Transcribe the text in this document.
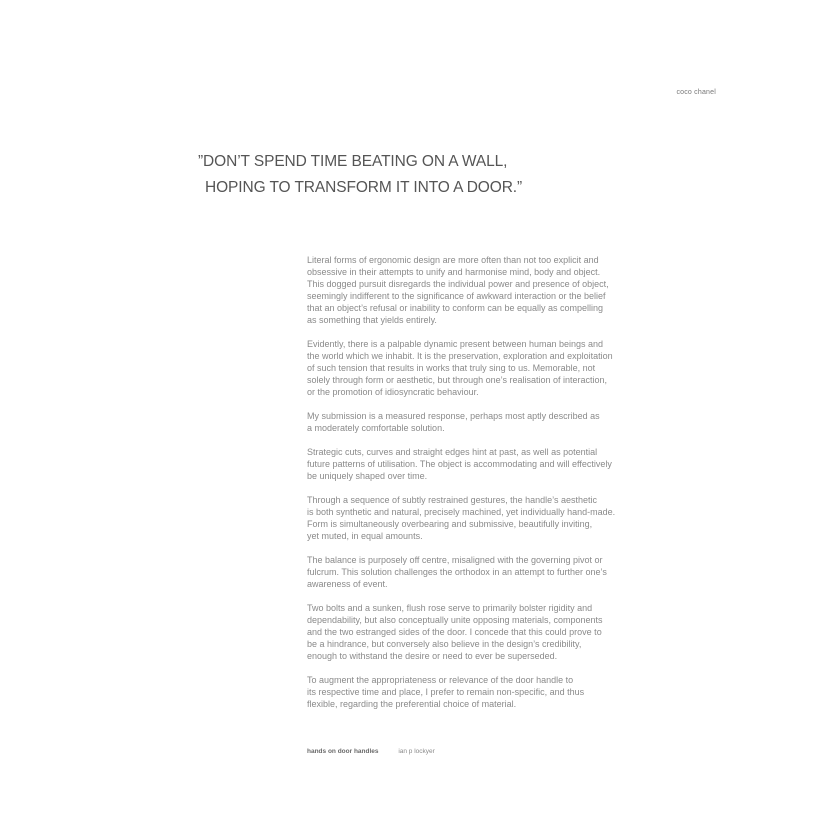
coco chanel
”DON’T SPEND TIME BEATING ON A WALL,
HOPING TO TRANSFORM IT INTO A DOOR.”
Literal forms of ergonomic design are more often than not too explicit and
obsessive in their attempts to unify and harmonise mind, body and object.
This dogged pursuit disregards the individual power and presence of object,
seemingly indifferent to the significance of awkward interaction or the belief
that an object’s refusal or inability to conform can be equally as compelling
as something that yields entirely.
Evidently, there is a palpable dynamic present between human beings and
the world which we inhabit. It is the preservation, exploration and exploitation
of such tension that results in works that truly sing to us. Memorable, not
solely through form or aesthetic, but through one’s realisation of interaction,
or the promotion of idiosyncratic behaviour.
My submission is a measured response, perhaps most aptly described as
a moderately comfortable solution.
Strategic cuts, curves and straight edges hint at past, as well as potential
future patterns of utilisation. The object is accommodating and will effectively
be uniquely shaped over time.
Through a sequence of subtly restrained gestures, the handle’s aesthetic
is both synthetic and natural, precisely machined, yet individually hand-made.
Form is simultaneously overbearing and submissive, beautifully inviting,
yet muted, in equal amounts.
The balance is purposely off centre, misaligned with the governing pivot or
fulcrum. This solution challenges the orthodox in an attempt to further one’s
awareness of event.
Two bolts and a sunken, flush rose serve to primarily bolster rigidity and
dependability, but also conceptually unite opposing materials, components
and the two estranged sides of the door. I concede that this could prove to
be a hindrance, but conversely also believe in the design’s credibility,
enough to withstand the desire or need to ever be superseded.
To augment the appropriateness or relevance of the door handle to
its respective time and place, I prefer to remain non-specific, and thus
flexible, regarding the preferential choice of material.
hands on door handles	ian p lockyer
